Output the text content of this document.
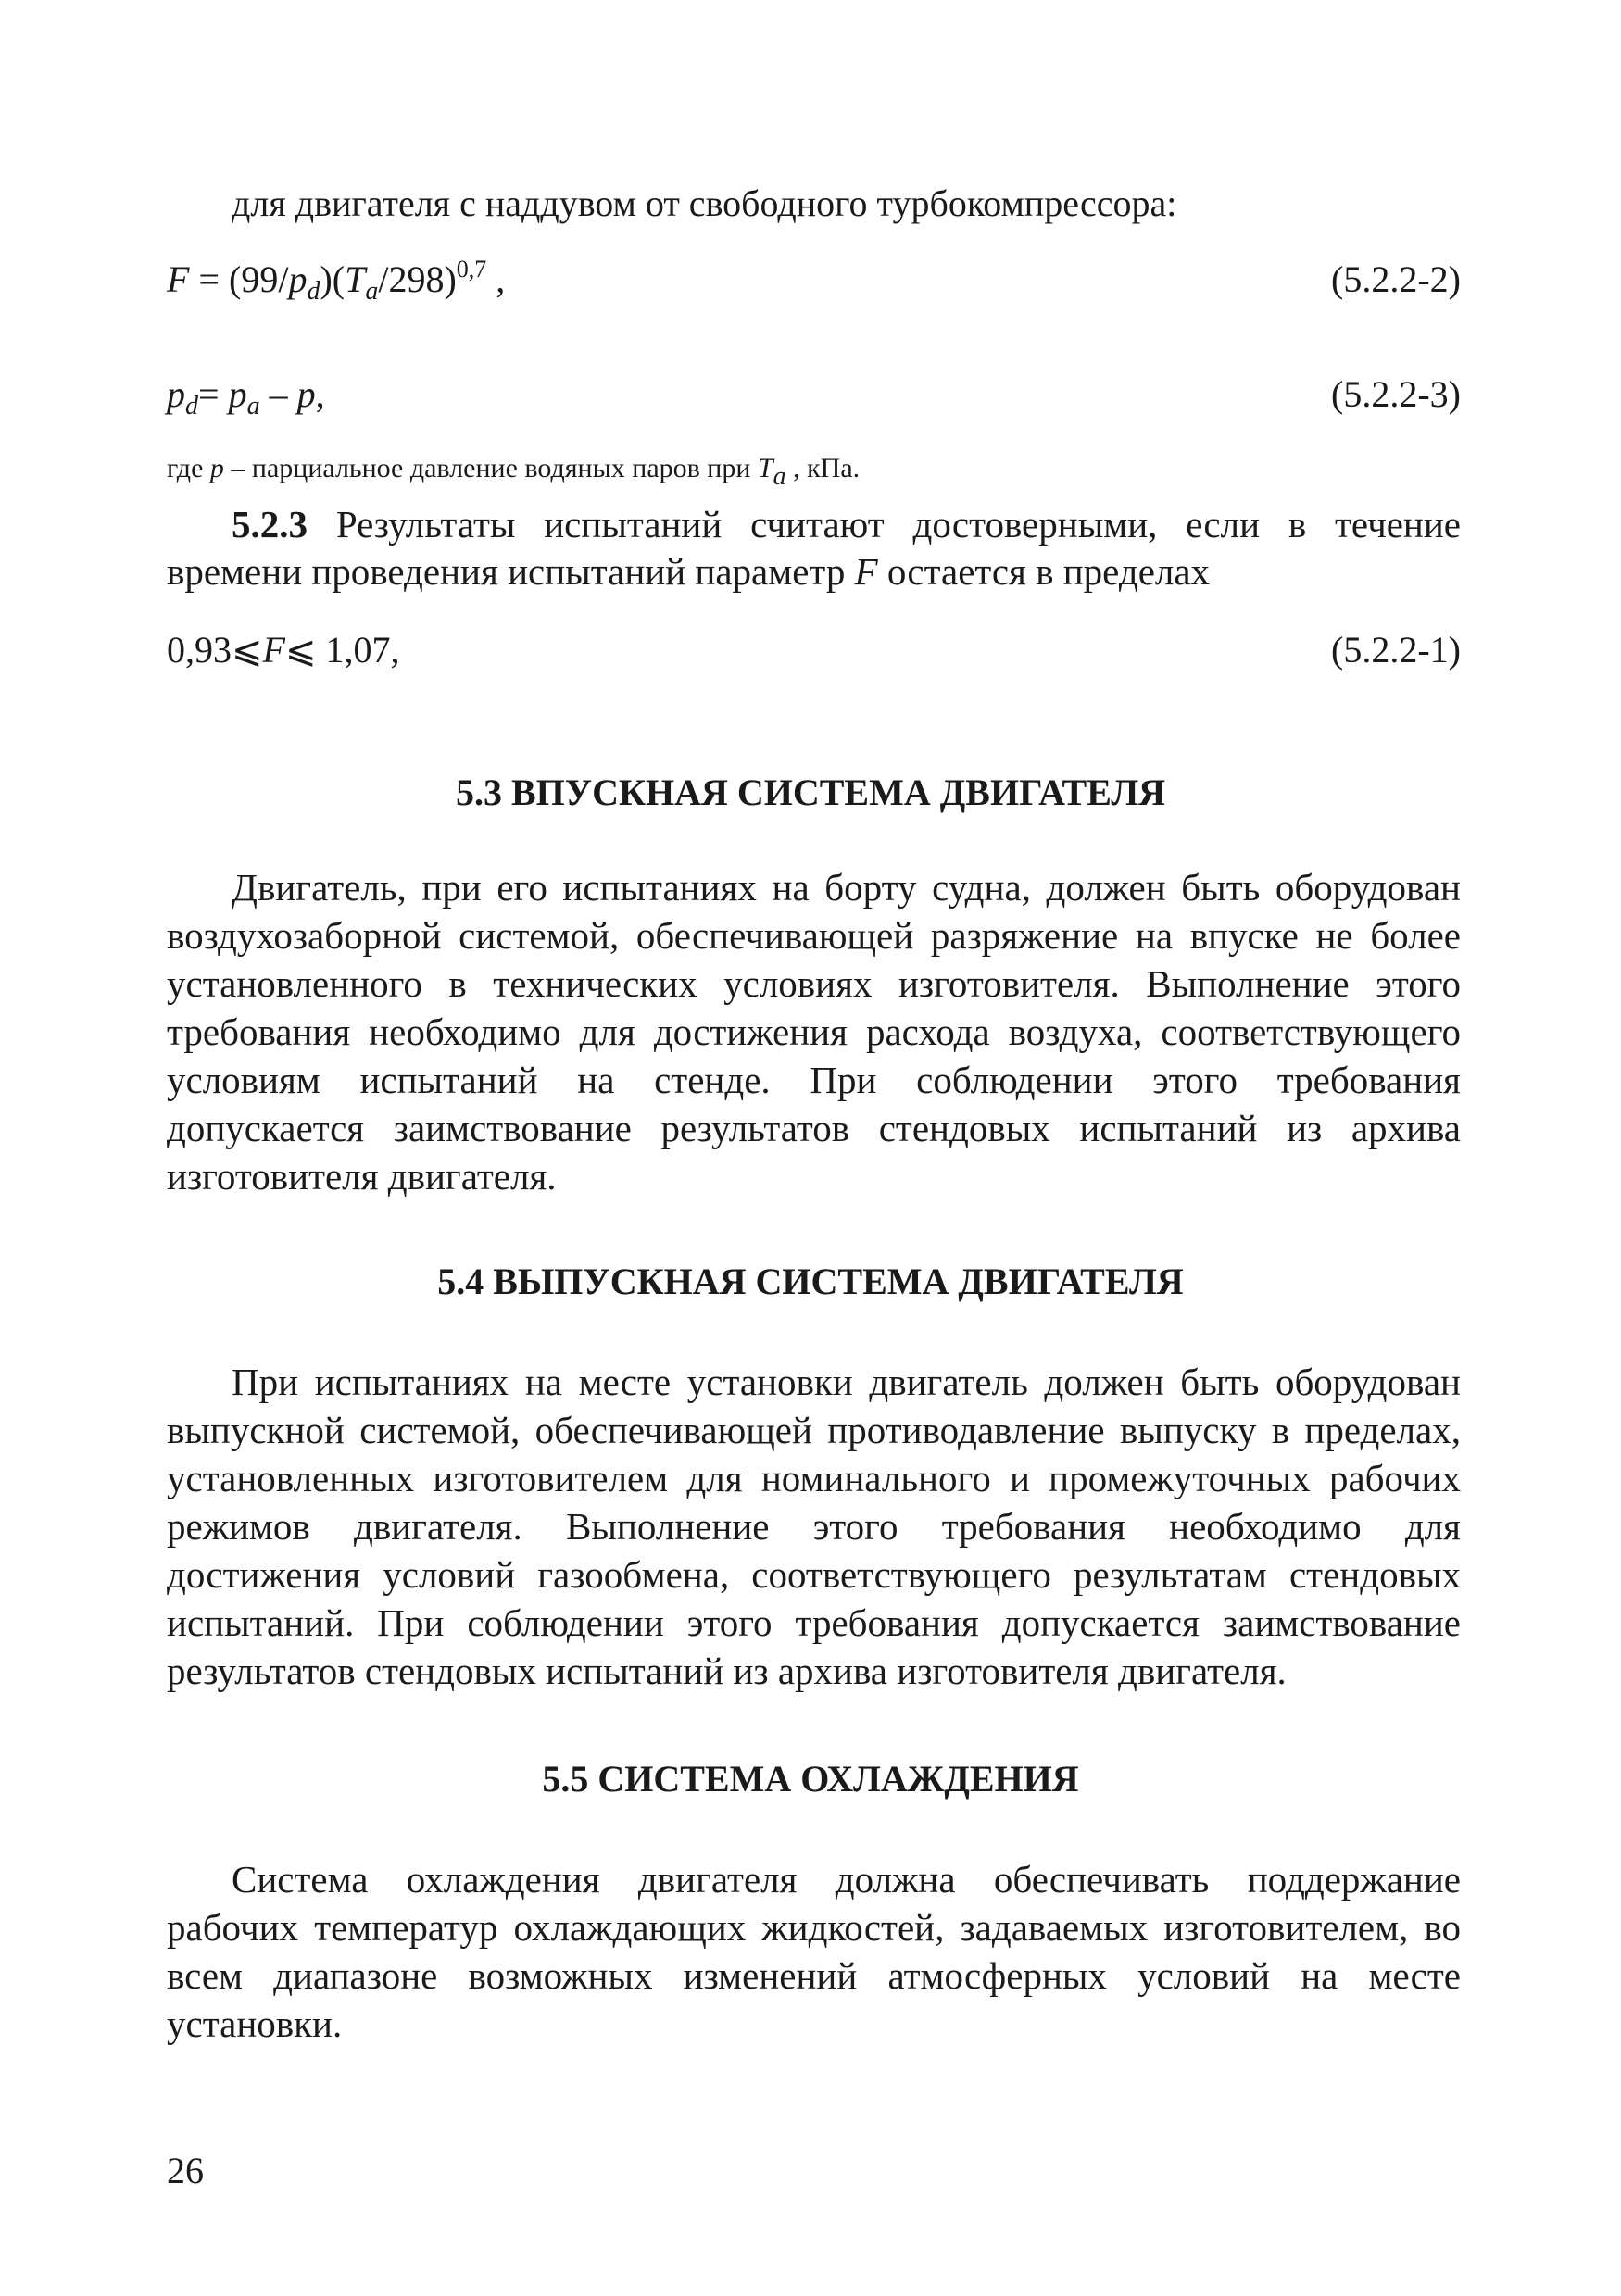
для двигателя с наддувом от свободного турбокомпрессора:
$F = (99/p_d)(T_a/298)^{0,7}$ ,	(5.2.2-2)
$p_d= p_a - p$,	(5.2.2-3)
где p – парциальное давление водяных паров при $T_a$ , кПа.
5.2.3 Результаты испытаний считают достоверными, если в течение
времени проведения испытаний параметр F остается в пределах
0,93⩽F⩽ 1,07,	(5.2.2-1)
5.3 ВПУСКНАЯ СИСТЕМА ДВИГАТЕЛЯ
Двигатель, при его испытаниях на борту судна, должен быть оборудован
воздухозаборной системой, обеспечивающей разряжение на впуске не более
установленного в технических условиях изготовителя. Выполнение этого
требования необходимо для достижения расхода воздуха, соответствующего
условиям испытаний на стенде. При соблюдении этого требования
допускается заимствование результатов стендовых испытаний из архива
изготовителя двигателя.
5.4 ВЫПУСКНАЯ СИСТЕМА ДВИГАТЕЛЯ
При испытаниях на месте установки двигатель должен быть оборудован
выпускной системой, обеспечивающей противодавление выпуску в пределах,
установленных изготовителем для номинального и промежуточных рабочих
режимов двигателя. Выполнение этого требования необходимо для
достижения условий газообмена, соответствующего результатам стендовых
испытаний. При соблюдении этого требования допускается заимствование
результатов стендовых испытаний из архива изготовителя двигателя.
5.5 СИСТЕМА ОХЛАЖДЕНИЯ
Система охлаждения двигателя должна обеспечивать поддержание
рабочих температур охлаждающих жидкостей, задаваемых изготовителем, во
всем диапазоне возможных изменений атмосферных условий на месте
установки.
26
